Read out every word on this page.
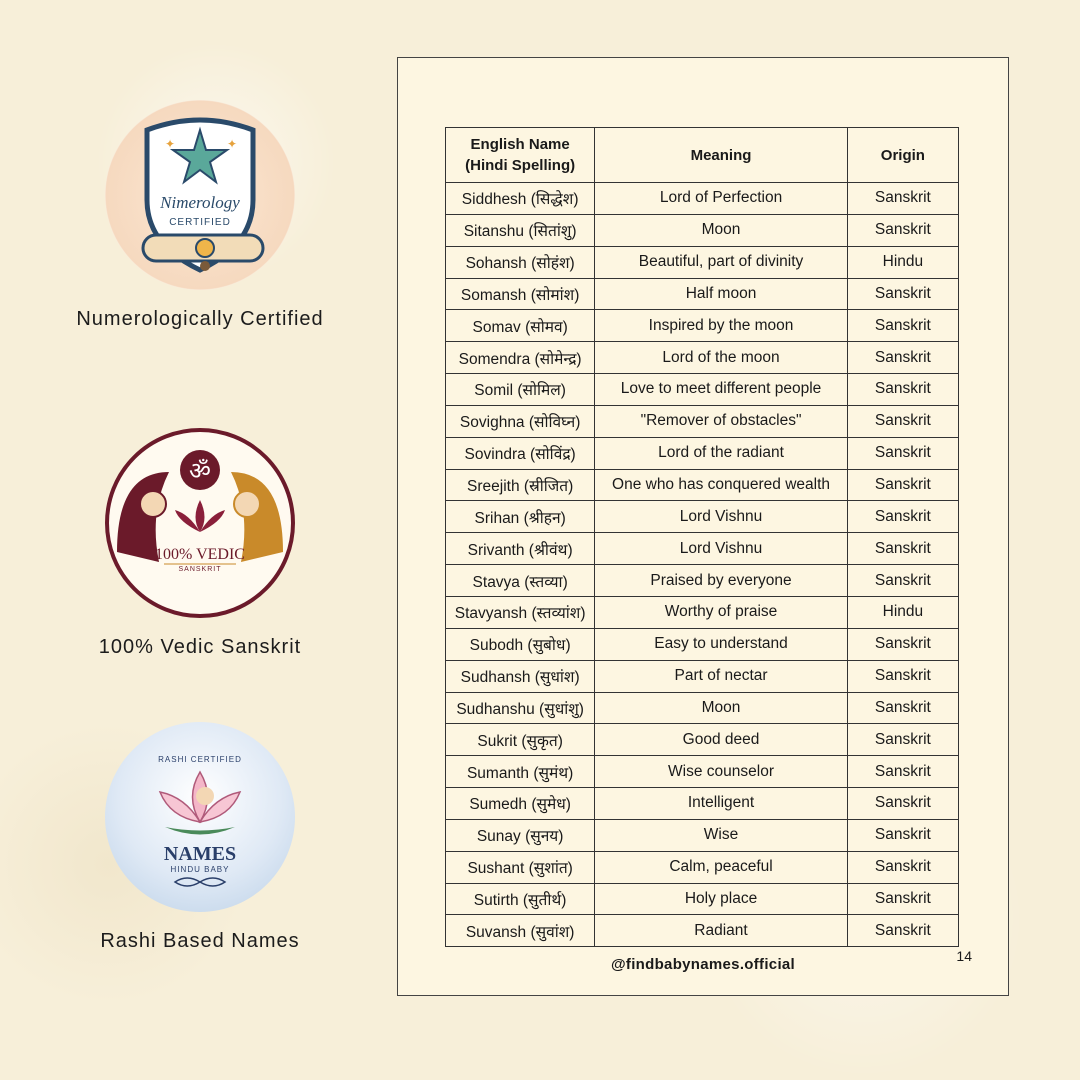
✦	✦
Nimerology
CERTIFIED
Numerologically Certified
ॐ
100% VEDIC
SANSKRIT
100% Vedic Sanskrit
RASHI CERTIFIED
NAMES
HINDU BABY
Rashi Based Names
English Name
(Hindi Spelling)	Meaning	Origin
Siddhesh (सिद्धेश)	Lord of Perfection	Sanskrit
Sitanshu (सितांशु)	Moon	Sanskrit
Sohansh (सोहंश)	Beautiful, part of divinity	Hindu
Somansh (सोमांश)	Half moon	Sanskrit
Somav (सोमव)	Inspired by the moon	Sanskrit
Somendra (सोमेन्द्र)	Lord of the moon	Sanskrit
Somil (सोमिल)	Love to meet different people	Sanskrit
Sovighna (सोविघ्न)	"Remover of obstacles"	Sanskrit
Sovindra (सोविंद्र)	Lord of the radiant	Sanskrit
Sreejith (स्रीजित)	One who has conquered wealth	Sanskrit
Srihan (श्रीहन)	Lord Vishnu	Sanskrit
Srivanth (श्रीवंथ)	Lord Vishnu	Sanskrit
Stavya (स्तव्या)	Praised by everyone	Sanskrit
Stavyansh (स्तव्यांश)	Worthy of praise	Hindu
Subodh (सुबोध)	Easy to understand	Sanskrit
Sudhansh (सुधांश)	Part of nectar	Sanskrit
Sudhanshu (सुधांशु)	Moon	Sanskrit
Sukrit (सुकृत)	Good deed	Sanskrit
Sumanth (सुमंथ)	Wise counselor	Sanskrit
Sumedh (सुमेध)	Intelligent	Sanskrit
Sunay (सुनय)	Wise	Sanskrit
Sushant (सुशांत)	Calm, peaceful	Sanskrit
Sutirth (सुतीर्थ)	Holy place	Sanskrit
Suvansh (सुवांश)	Radiant	Sanskrit
@findbabynames.official	14
